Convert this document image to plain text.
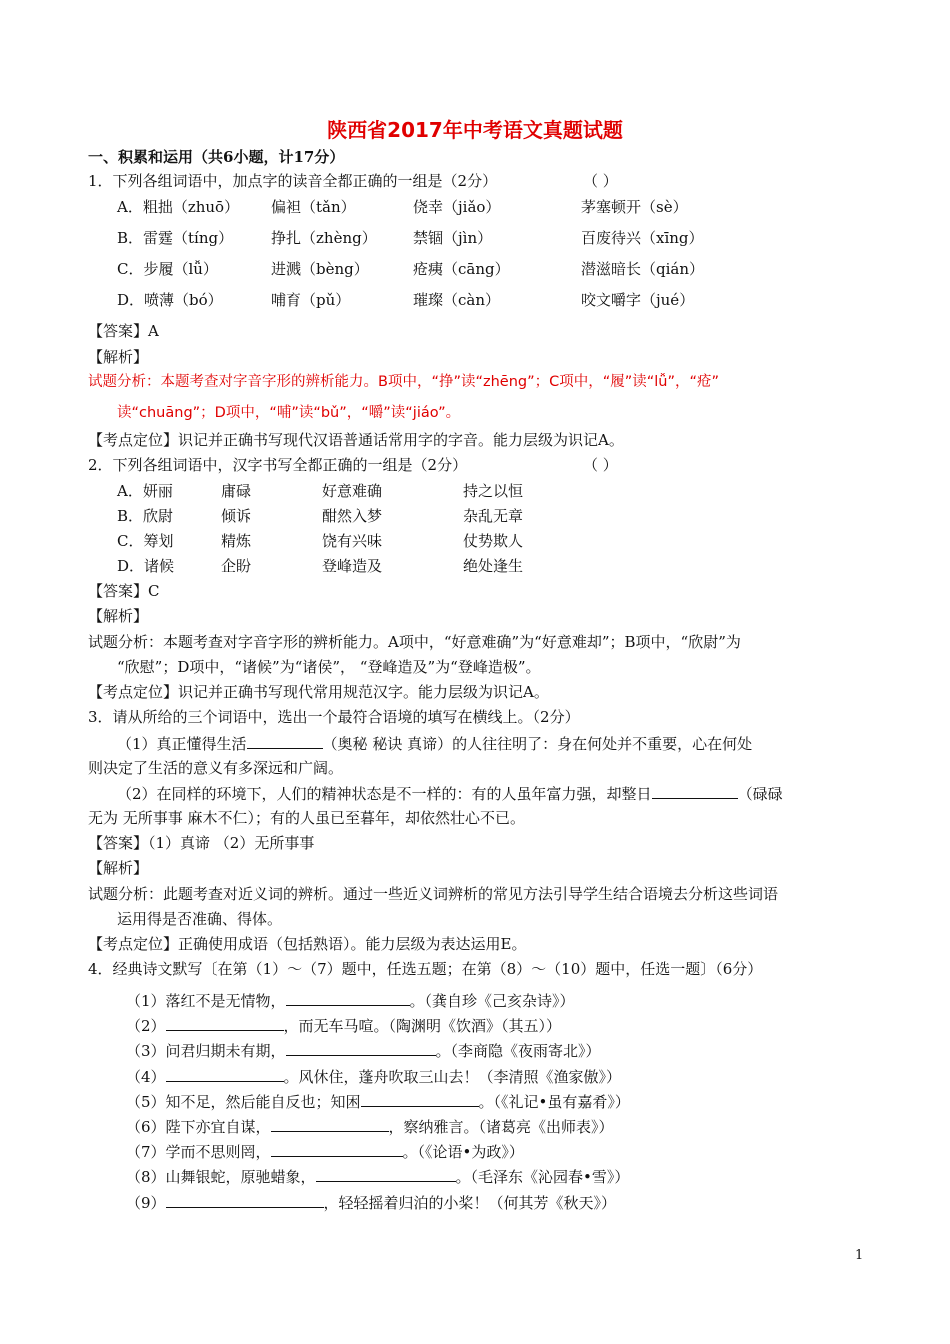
陕西省2017年中考语文真题试题
一、积累和运用（共6小题，计17分）
1．下列各组词语中，加点字的读音全都正确的一组是（2分）	（ ）
A．粗拙（zhuō） 偏袒（tǎn）	侥幸（jiǎo）	茅塞顿开（sè）
B．雷霆（tíng）	挣扎（zhèng） 禁锢（jìn）	百废待兴（xīng）
C．步履（lǚ）	进溅（bèng）	疮痍（cāng）	潜滋暗长（qián）
D．喷薄（bó）	哺育（pǔ）	璀璨（càn）	咬文嚼字（jué）
【答案】A
【解析】
试题分析：本题考查对字音字形的辨析能力。B项中，“挣”读“zhēng”；C项中，“履”读“lǚ”，“疮”
读“chuāng”；D项中，“哺”读“bǔ”，“嚼”读“jiáo”。
【考点定位】识记并正确书写现代汉语普通话常用字的字音。能力层级为识记A。
2．下列各组词语中，汉字书写全都正确的一组是（2分）	（ ）
A．妍丽	庸碌	好意难确	持之以恒
B．欣尉	倾诉	酣然入梦	杂乱无章
C．筹划	精炼	饶有兴味	仗势欺人
D．诸候	企盼	登峰造及	绝处逢生
【答案】C
【解析】
试题分析：本题考查对字音字形的辨析能力。A项中，“好意难确”为“好意难却”；B项中，“欣尉”为
“欣慰”；D项中，“诸候”为“诸侯”， “登峰造及”为“登峰造极”。
【考点定位】识记并正确书写现代常用规范汉字。能力层级为识记A。
3．请从所给的三个词语中，选出一个最符合语境的填写在横线上。（2分）
（1）真正懂得生活	（奥秘 秘诀 真谛）的人往往明了：身在何处并不重要，心在何处
则决定了生活的意义有多深远和广阔。
（2）在同样的环境下，人们的精神状态是不一样的：有的人虽年富力强，却整日	（碌碌
无为 无所事事 麻木不仁）；有的人虽已至暮年，却依然壮心不已。
【答案】（1）真谛 （2）无所事事
【解析】
试题分析：此题考查对近义词的辨析。通过一些近义词辨析的常见方法引导学生结合语境去分析这些词语
运用得是否准确、得体。
【考点定位】正确使用成语（包括熟语）。能力层级为表达运用E。
4．经典诗文默写〔在第（1）～（7）题中，任选五题；在第（8）～（10）题中，任选一题〕（6分）
（1）落红不是无情物，	。（龚自珍《己亥杂诗》）
（2）	，而无车马喧。（陶渊明《饮酒》（其五））
（3）问君归期未有期，	。（李商隐《夜雨寄北》）
（4）	。风休住，蓬舟吹取三山去！（李清照《渔家傲》）
（5）知不足，然后能自反也；知困	。（《礼记•虽有嘉肴》）
（6）陛下亦宜自谋，	，察纳雅言。（诸葛亮《出师表》）
（7）学而不思则罔，	。（《论语•为政》）
（8）山舞银蛇，原驰蜡象，	。（毛泽东《沁园春•雪》）
（9）	，轻轻摇着归泊的小桨！（何其芳《秋天》）
1
